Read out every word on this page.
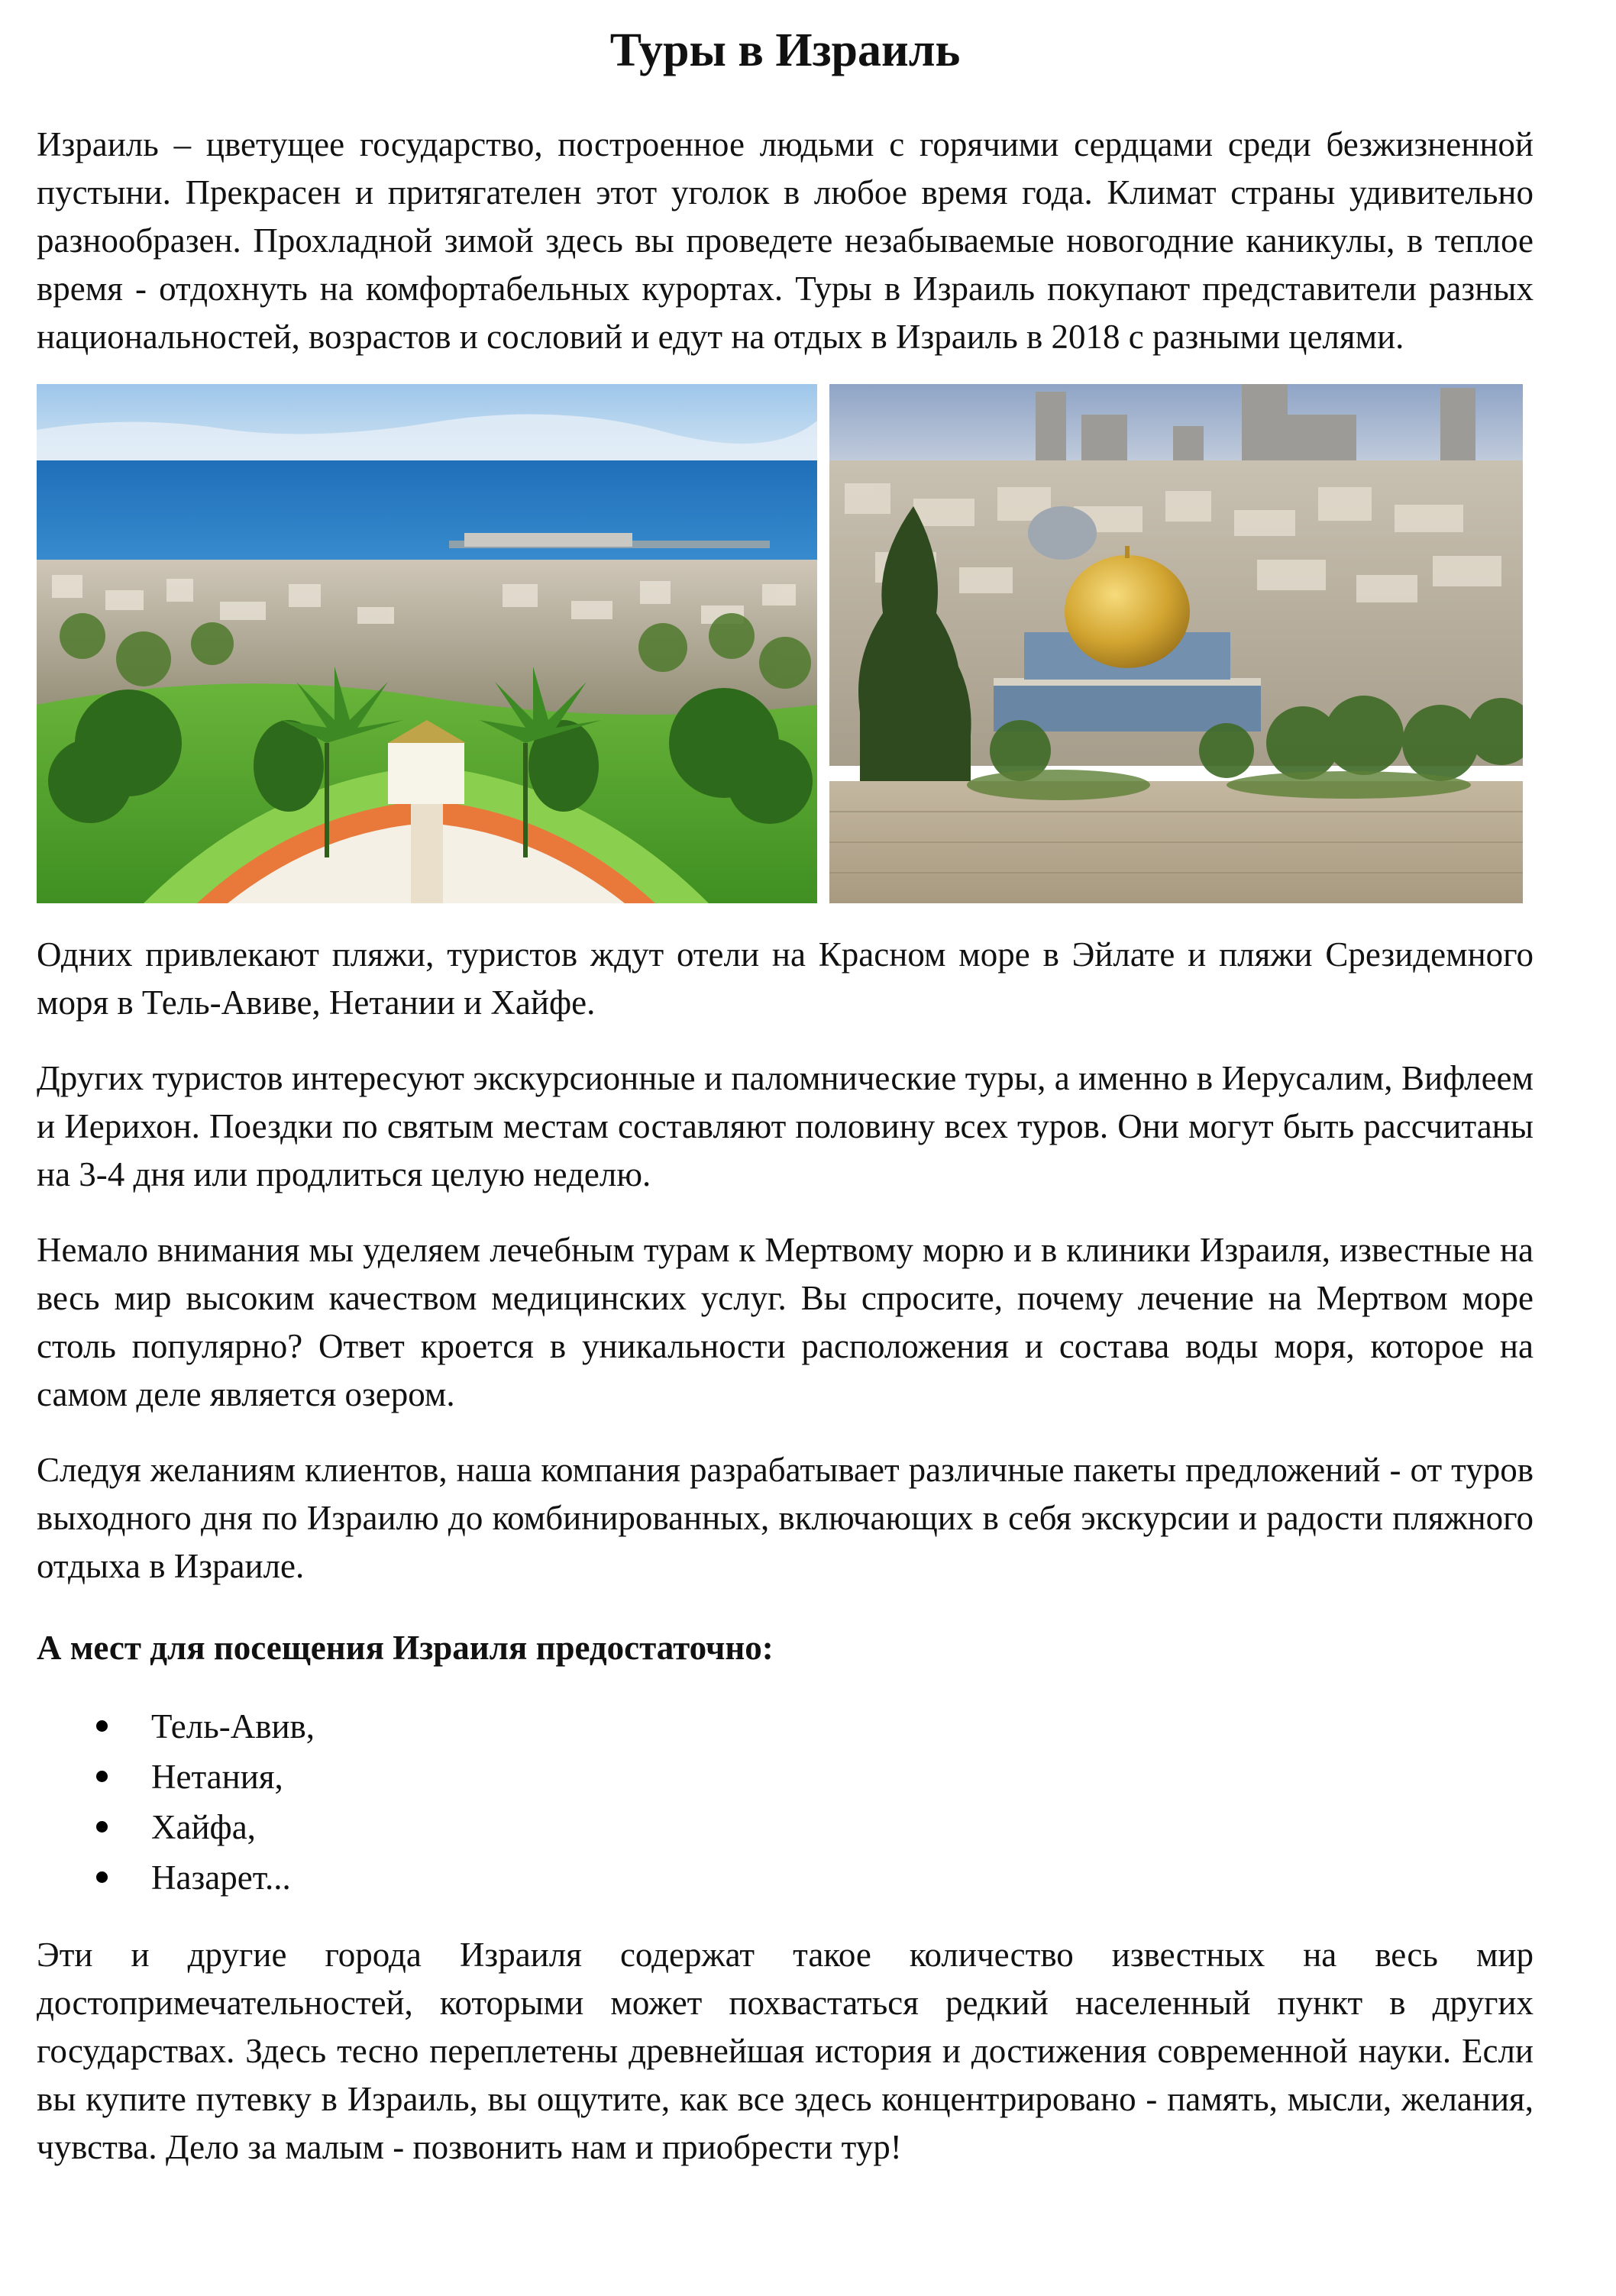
Туры в Израиль

Израиль – цветущее государство, построенное людьми с горячими сердцами среди безжизненной пустыни. Прекрасен и притягателен этот уголок в любое время года. Климат страны удивительно разнообразен. Прохладной зимой здесь вы проведете незабываемые новогодние каникулы, в теплое время - отдохнуть на комфортабельных курортах. Туры в Израиль покупают представители разных национальностей, возрастов и сословий и едут на отдых в Израиль в 2018 с разными целями.

Одних привлекают пляжи, туристов ждут отели на Красном море в Эйлате и пляжи Срезидемного моря в Тель-Авиве, Нетании и Хайфе.

Других туристов интересуют экскурсионные и паломнические туры, а именно в Иерусалим, Вифлеем и Иерихон. Поездки по святым местам составляют половину всех туров. Они могут быть рассчитаны на 3-4 дня или продлиться целую неделю.

Немало внимания мы уделяем лечебным турам к Мертвому морю и в клиники Израиля, известные на весь мир высоким качеством медицинских услуг. Вы спросите, почему лечение на Мертвом море столь популярно? Ответ кроется в уникальности расположения и состава воды моря, которое на самом деле является озером.

Следуя желаниям клиентов, наша компания разрабатывает различные пакеты предложений - от туров выходного дня по Израилю до комбинированных, включающих в себя экскурсии и радости пляжного отдыха в Израиле.

А мест для посещения Израиля предостаточно:

Тель-Авив,
Нетания,
Хайфа,
Назарет...

Эти и другие города Израиля содержат такое количество известных на весь мир достопримечательностей, которыми может похвастаться редкий населенный пункт в других государствах. Здесь тесно переплетены древнейшая история и достижения современной науки. Если вы купите путевку в Израиль, вы ощутите, как все здесь концентрировано - память, мысли, желания, чувства. Дело за малым - позвонить нам и приобрести тур!
